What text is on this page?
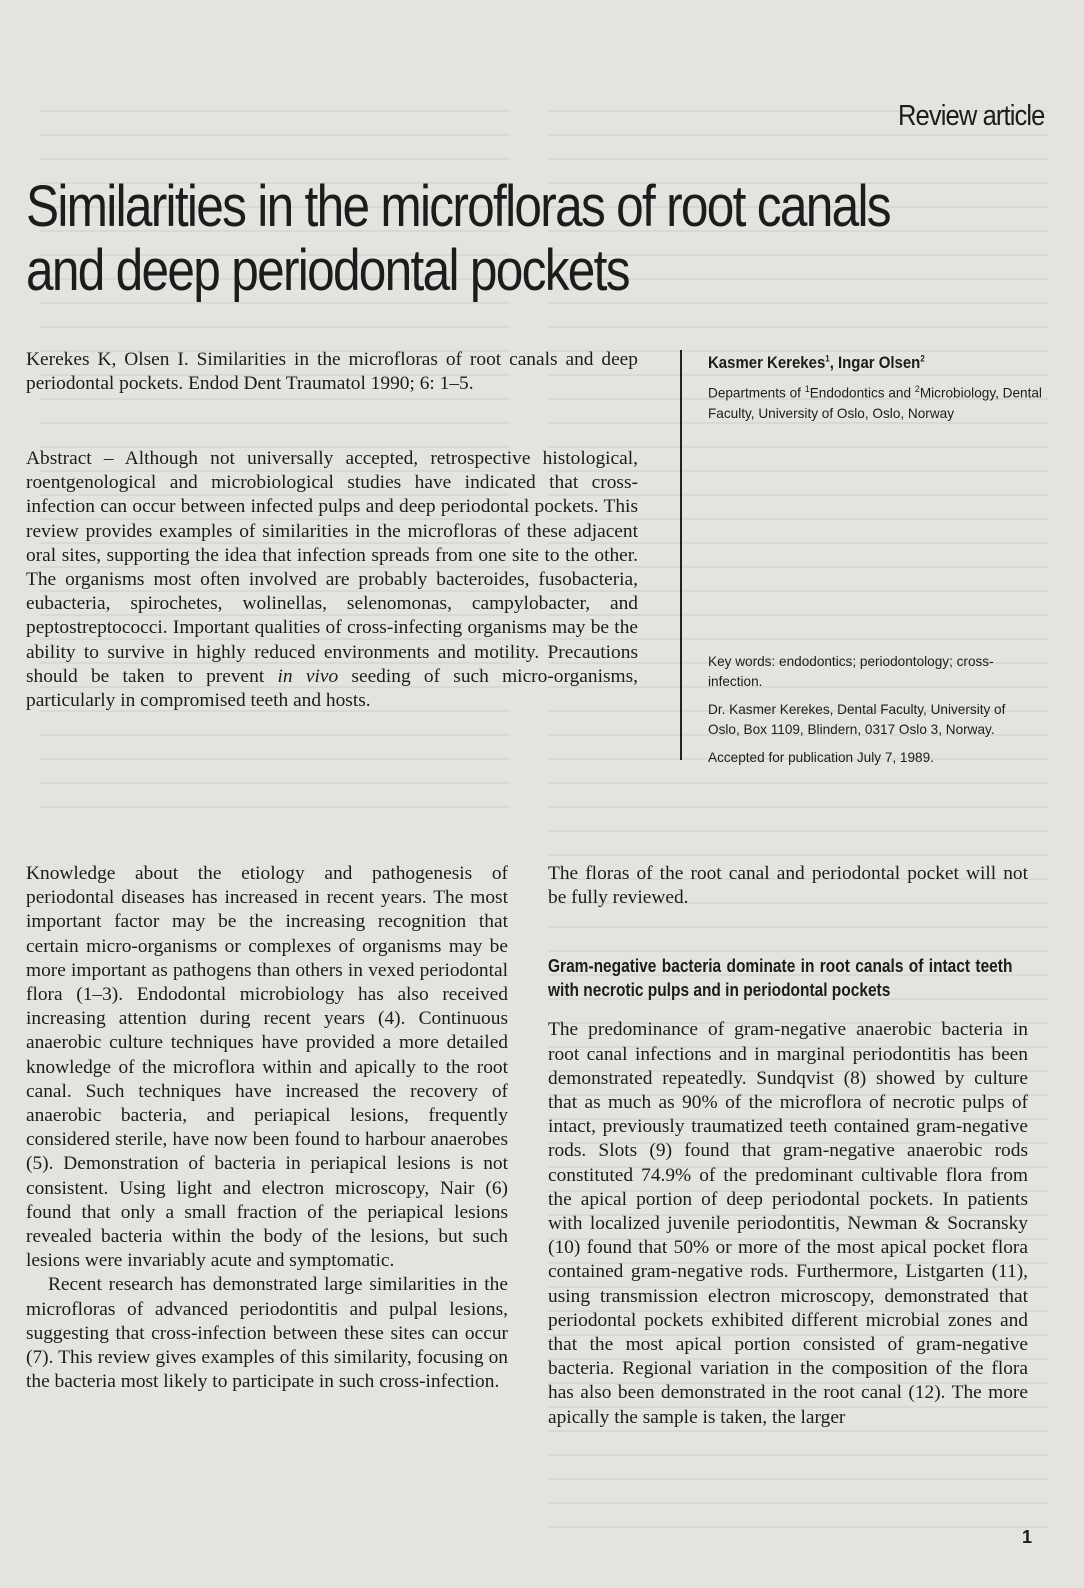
Review article
Similarities in the microfloras of root canals and deep periodontal pockets
Kerekes K, Olsen I. Similarities in the microfloras of root canals and deep periodontal pockets. Endod Dent Traumatol 1990; 6: 1–5.
Abstract – Although not universally accepted, retrospective histological, roentgenological and microbiological studies have indicated that cross-infection can occur between infected pulps and deep periodontal pockets. This review provides examples of similarities in the microfloras of these adjacent oral sites, supporting the idea that infection spreads from one site to the other. The organisms most often involved are probably bacteroides, fusobacteria, eubacteria, spirochetes, wolinellas, selenomonas, campylobacter, and peptostreptococci. Important qualities of cross-infecting organisms may be the ability to survive in highly reduced environments and motility. Precautions should be taken to prevent in vivo seeding of such micro-organisms, particularly in compromised teeth and hosts.
Kasmer Kerekes$^1$, Ingar Olsen$^2$
Departments of $^1$Endodontics and $^2$Microbiology, Dental Faculty, University of Oslo, Oslo, Norway

Key words: endodontics; periodontology; cross-infection.

Dr. Kasmer Kerekes, Dental Faculty, University of Oslo, Box 1109, Blindern, 0317 Oslo 3, Norway.

Accepted for publication July 7, 1989.

Knowledge about the etiology and pathogenesis of periodontal diseases has increased in recent years. The most important factor may be the increasing recognition that certain micro-organisms or complexes of organisms may be more important as pathogens than others in vexed periodontal flora (1–3). Endodontal microbiology has also received increasing attention during recent years (4). Continuous anaerobic culture techniques have provided a more detailed knowledge of the microflora within and apically to the root canal. Such techniques have increased the recovery of anaerobic bacteria, and periapical lesions, frequently considered sterile, have now been found to harbour anaerobes (5). Demonstration of bacteria in periapical lesions is not consistent. Using light and electron microscopy, Nair (6) found that only a small fraction of the periapical lesions revealed bacteria within the body of the lesions, but such lesions were invariably acute and symptomatic.

Recent research has demonstrated large similarities in the microfloras of advanced periodontitis and pulpal lesions, suggesting that cross-infection between these sites can occur (7). This review gives examples of this similarity, focusing on the bacteria most likely to participate in such cross-infection.

The floras of the root canal and periodontal pocket will not be fully reviewed.

Gram-negative bacteria dominate in root canals of intact teeth with necrotic pulps and in periodontal pockets

The predominance of gram-negative anaerobic bacteria in root canal infections and in marginal periodontitis has been demonstrated repeatedly. Sundqvist (8) showed by culture that as much as 90% of the microflora of necrotic pulps of intact, previously traumatized teeth contained gram-negative rods. Slots (9) found that gram-negative anaerobic rods constituted 74.9% of the predominant cultivable flora from the apical portion of deep periodontal pockets. In patients with localized juvenile periodontitis, Newman & Socransky (10) found that 50% or more of the most apical pocket flora contained gram-negative rods. Furthermore, Listgarten (11), using transmission electron microscopy, demonstrated that periodontal pockets exhibited different microbial zones and that the most apical portion consisted of gram-negative bacteria. Regional variation in the composition of the flora has also been demonstrated in the root canal (12). The more apically the sample is taken, the larger

1
